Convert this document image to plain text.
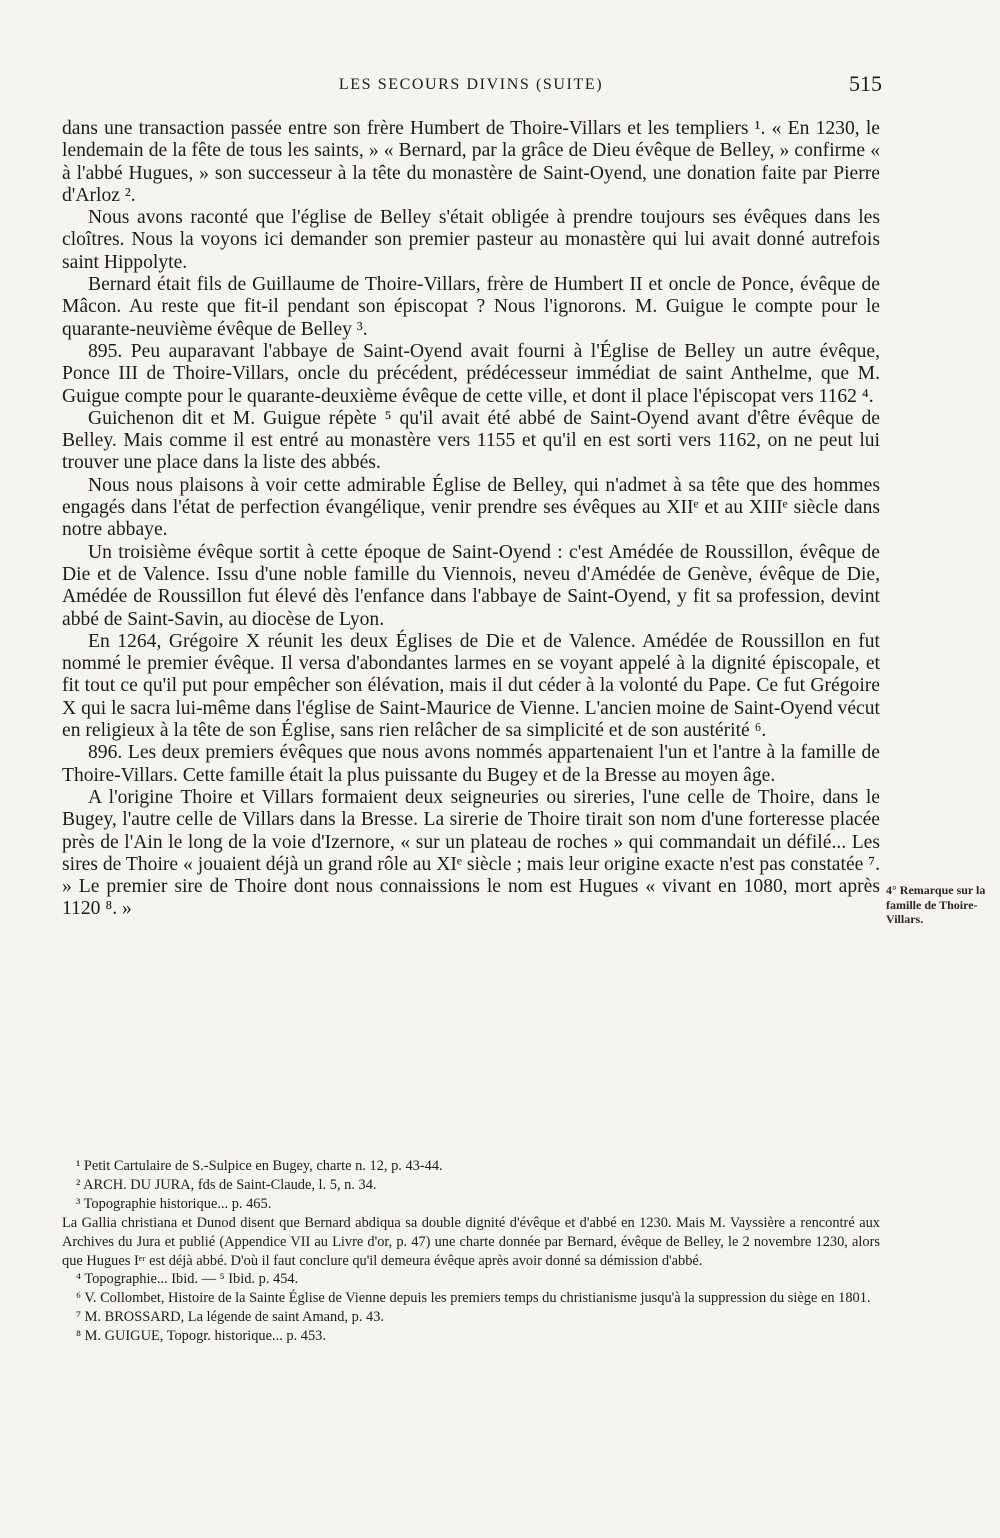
LES SECOURS DIVINS (SUITE)	515

dans une transaction passée entre son frère Humbert de Thoire-Villars et les templiers ¹. « En 1230, le lendemain de la fête de tous les saints, » « Bernard, par la grâce de Dieu évêque de Belley, » confirme « à l'abbé Hugues, » son successeur à la tête du monastère de Saint-Oyend, une donation faite par Pierre d'Arloz ².

Nous avons raconté que l'église de Belley s'était obligée à prendre toujours ses évêques dans les cloîtres. Nous la voyons ici demander son premier pasteur au monastère qui lui avait donné autrefois saint Hippolyte.

Bernard était fils de Guillaume de Thoire-Villars, frère de Humbert II et oncle de Ponce, évêque de Mâcon. Au reste que fit-il pendant son épiscopat ? Nous l'ignorons. M. Guigue le compte pour le quarante-neuvième évêque de Belley ³.

895. Peu auparavant l'abbaye de Saint-Oyend avait fourni à l'Église de Belley un autre évêque, Ponce III de Thoire-Villars, oncle du précédent, prédécesseur immédiat de saint Anthelme, que M. Guigue compte pour le quarante-deuxième évêque de cette ville, et dont il place l'épiscopat vers 1162 ⁴.

Guichenon dit et M. Guigue répète ⁵ qu'il avait été abbé de Saint-Oyend avant d'être évêque de Belley. Mais comme il est entré au monastère vers 1155 et qu'il en est sorti vers 1162, on ne peut lui trouver une place dans la liste des abbés.

Nous nous plaisons à voir cette admirable Église de Belley, qui n'admet à sa tête que des hommes engagés dans l'état de perfection évangélique, venir prendre ses évêques au XIIᵉ et au XIIIᵉ siècle dans notre abbaye.

Un troisième évêque sortit à cette époque de Saint-Oyend : c'est Amédée de Roussillon, évêque de Die et de Valence. Issu d'une noble famille du Viennois, neveu d'Amédée de Genève, évêque de Die, Amédée de Roussillon fut élevé dès l'enfance dans l'abbaye de Saint-Oyend, y fit sa profession, devint abbé de Saint-Savin, au diocèse de Lyon.

En 1264, Grégoire X réunit les deux Églises de Die et de Valence. Amédée de Roussillon en fut nommé le premier évêque. Il versa d'abondantes larmes en se voyant appelé à la dignité épiscopale, et fit tout ce qu'il put pour empêcher son élévation, mais il dut céder à la volonté du Pape. Ce fut Grégoire X qui le sacra lui-même dans l'église de Saint-Maurice de Vienne. L'ancien moine de Saint-Oyend vécut en religieux à la tête de son Église, sans rien relâcher de sa simplicité et de son austérité ⁶.

896. Les deux premiers évêques que nous avons nommés appartenaient l'un et l'antre à la famille de Thoire-Villars. Cette famille était la plus puissante du Bugey et de la Bresse au moyen âge.

A l'origine Thoire et Villars formaient deux seigneuries ou sireries, l'une celle de Thoire, dans le Bugey, l'autre celle de Villars dans la Bresse. La sirerie de Thoire tirait son nom d'une forteresse placée près de l'Ain le long de la voie d'Izernore, « sur un plateau de roches » qui commandait un défilé... Les sires de Thoire « jouaient déjà un grand rôle au XIᵉ siècle ; mais leur origine exacte n'est pas constatée ⁷. » Le premier sire de Thoire dont nous connaissions le nom est Hugues « vivant en 1080, mort après 1120 ⁸. »

4° Remarque sur la famille de Thoire-Villars.

¹ Petit Cartulaire de S.-Sulpice en Bugey, charte n. 12, p. 43-44.

² ARCH. DU JURA, fds de Saint-Claude, l. 5, n. 34.

³ Topographie historique... p. 465.

La Gallia christiana et Dunod disent que Bernard abdiqua sa double dignité d'évêque et d'abbé en 1230. Mais M. Vayssière a rencontré aux Archives du Jura et publié (Appendice VII au Livre d'or, p. 47) une charte donnée par Bernard, évêque de Belley, le 2 novembre 1230, alors que Hugues Iᵉʳ est déjà abbé. D'où il faut conclure qu'il demeura évêque après avoir donné sa démission d'abbé.

⁴ Topographie... Ibid. — ⁵ Ibid. p. 454.

⁶ V. Collombet, Histoire de la Sainte Église de Vienne depuis les premiers temps du christianisme jusqu'à la suppression du siège en 1801.

⁷ M. BROSSARD, La légende de saint Amand, p. 43.

⁸ M. GUIGUE, Topogr. historique... p. 453.
